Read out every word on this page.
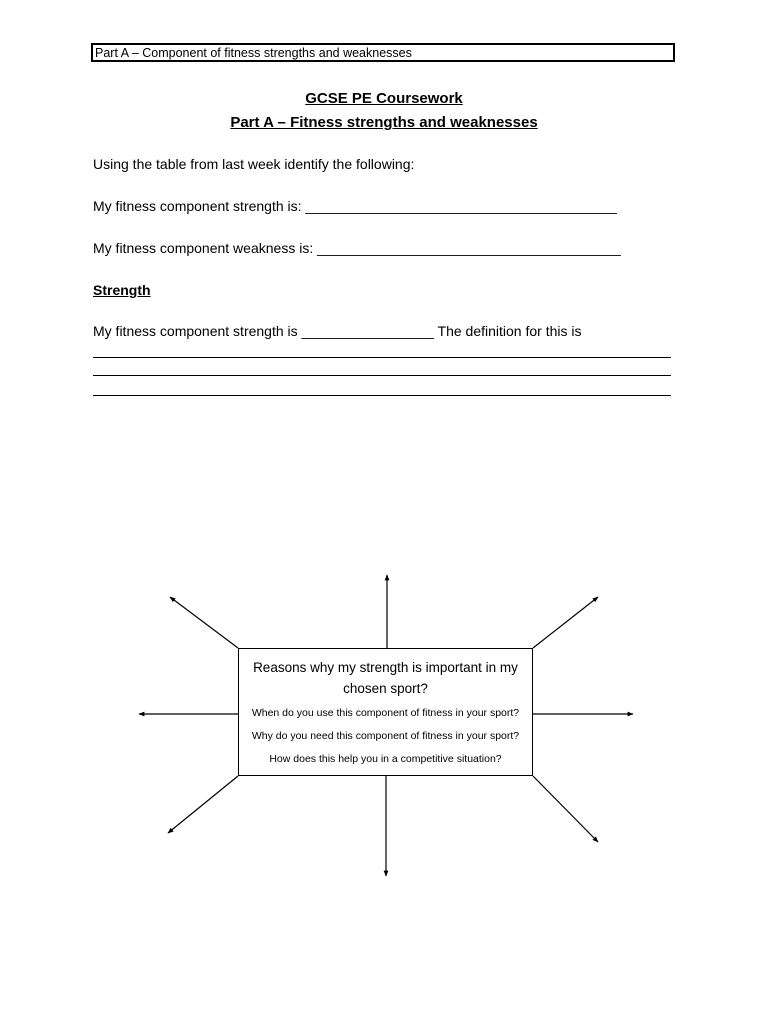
Part A – Component of fitness strengths and weaknesses
GCSE PE Coursework
Part A – Fitness strengths and weaknesses
Using the table from last week identify the following:
My fitness component strength is: ________________________________________
My fitness component weakness is: _______________________________________
Strength
My fitness component strength is _________________ The definition for this is
Reasons why my strength is important in my chosen sport?
When do you use this component of fitness in your sport?
Why do you need this component of fitness in your sport?
How does this help you in a competitive situation?
